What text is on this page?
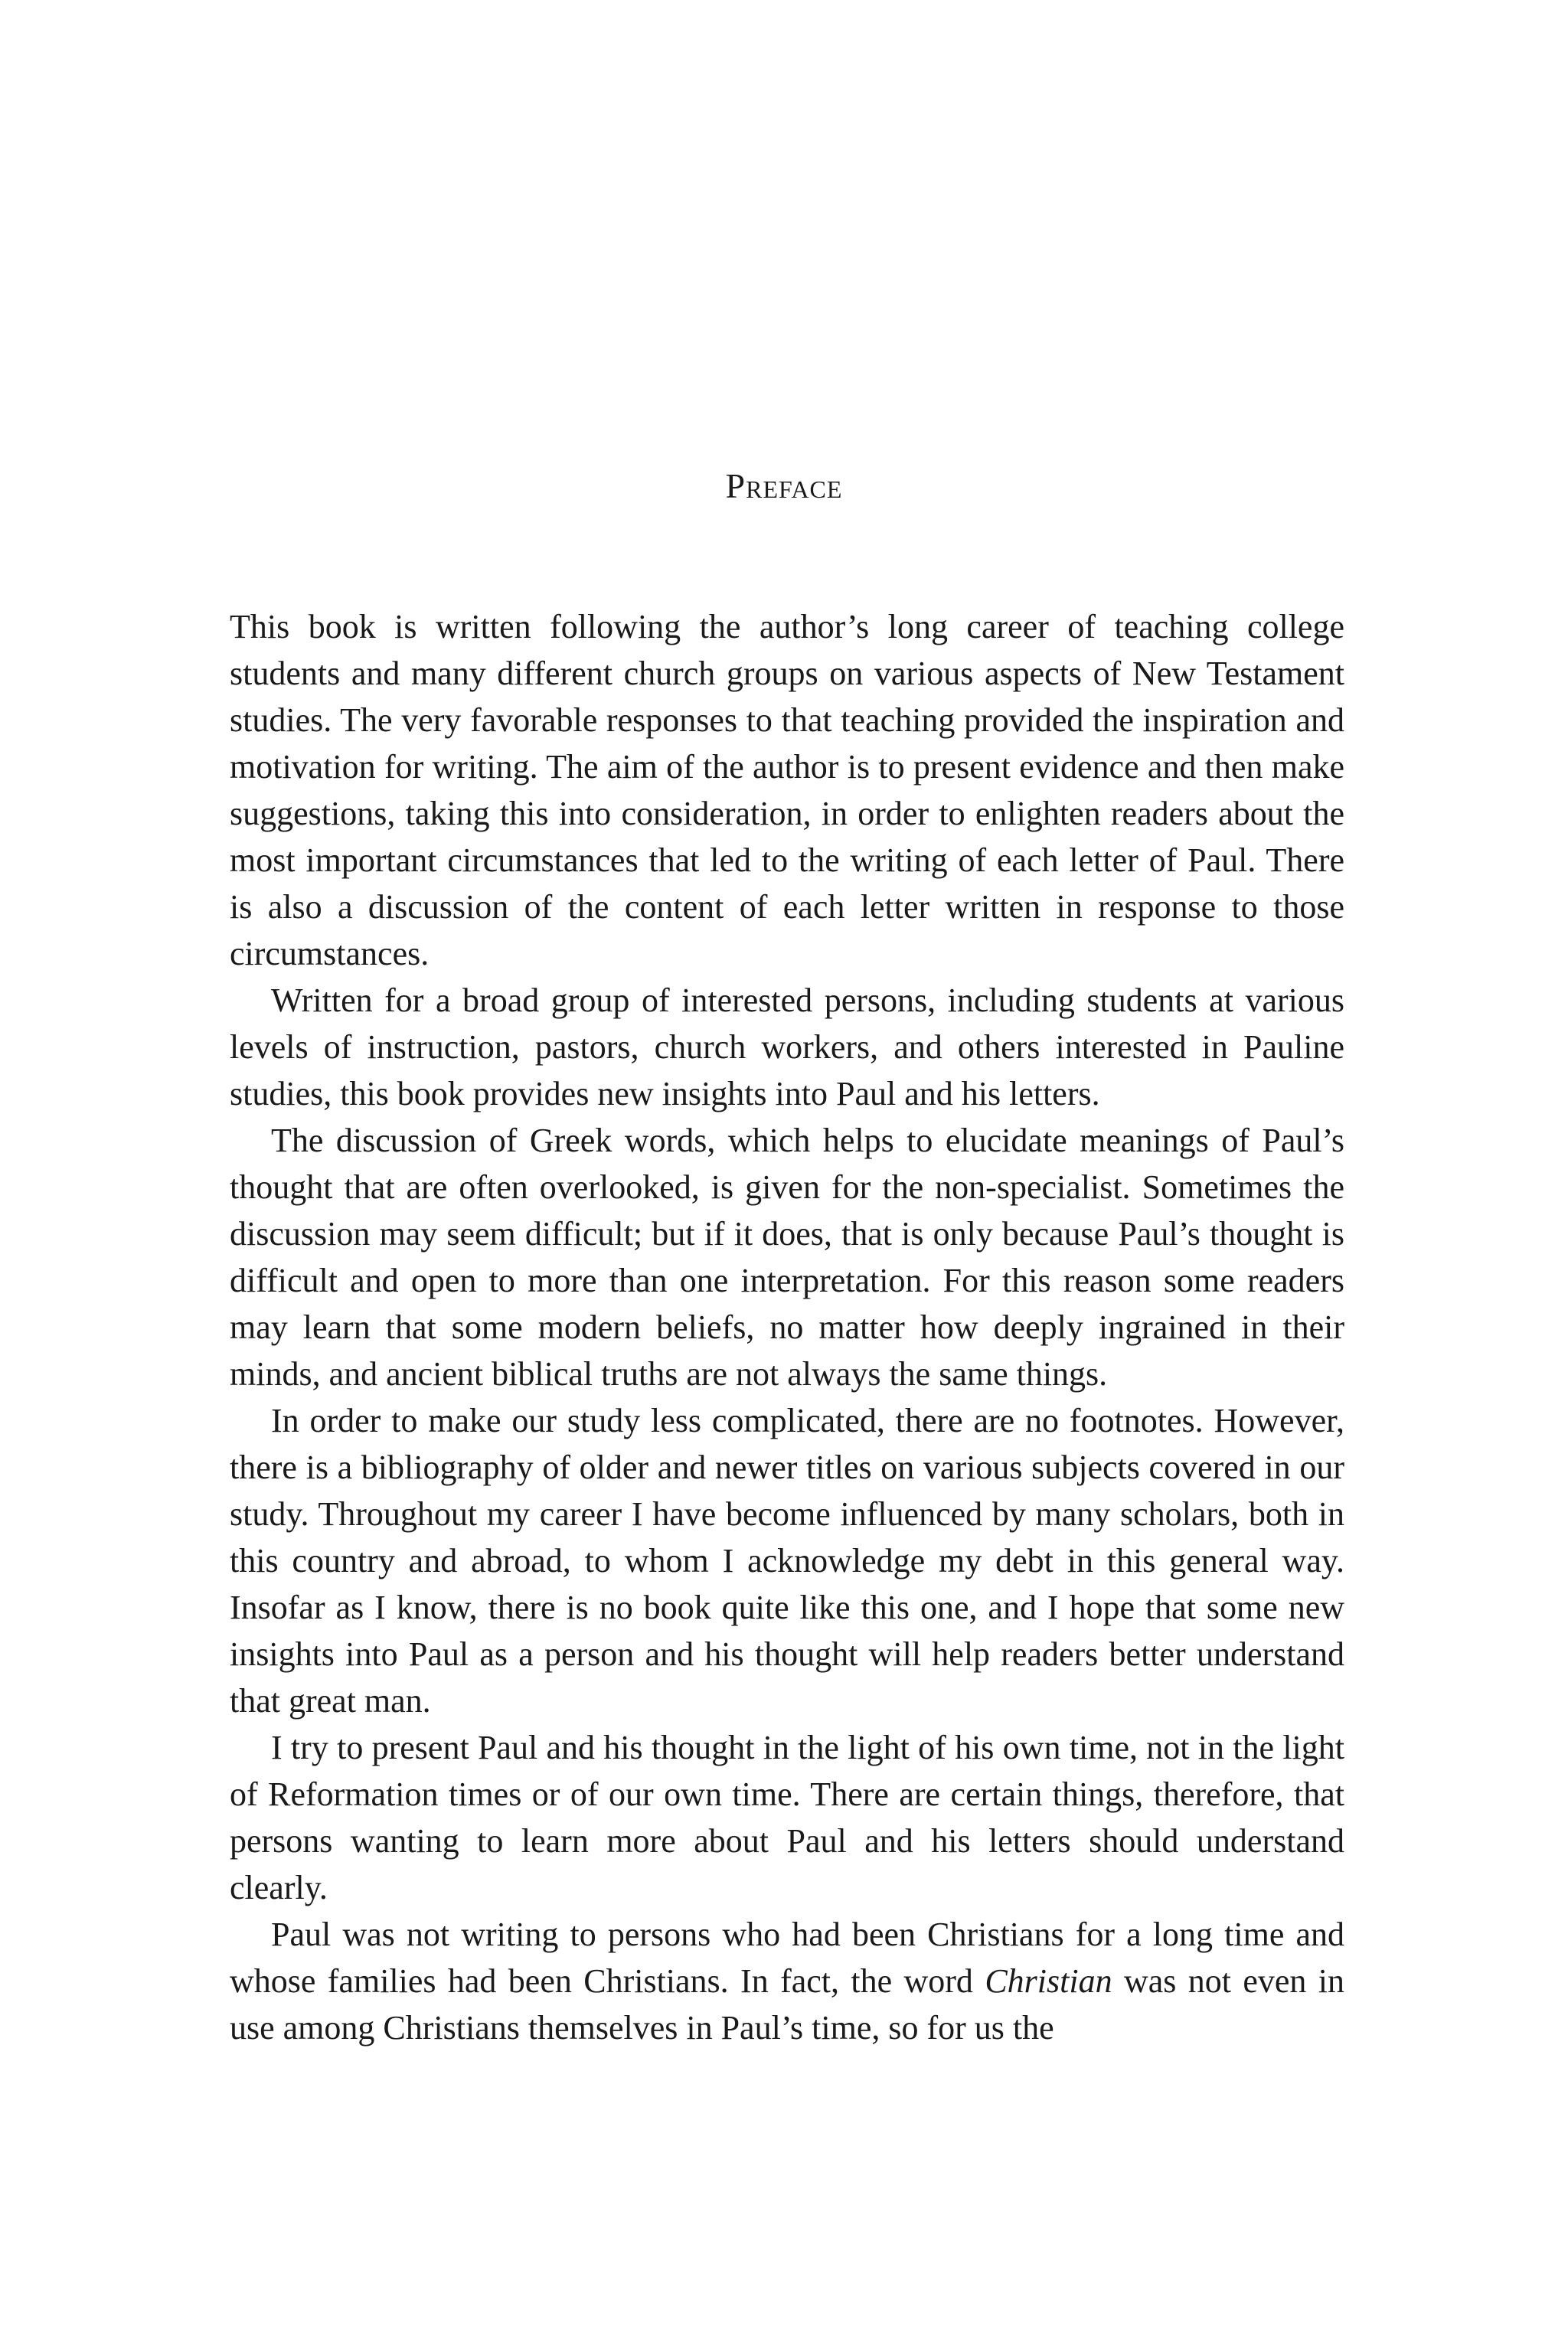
Preface

This book is written following the author’s long career of teaching college students and many different church groups on various aspects of New Testament studies. The very favorable responses to that teaching provided the inspiration and motivation for writing. The aim of the author is to present evidence and then make suggestions, taking this into consideration, in order to enlighten readers about the most important circumstances that led to the writing of each letter of Paul. There is also a discussion of the content of each letter written in response to those circumstances.

Written for a broad group of interested persons, including students at various levels of instruction, pastors, church workers, and others interested in Pauline studies, this book provides new insights into Paul and his letters.

The discussion of Greek words, which helps to elucidate meanings of Paul’s thought that are often overlooked, is given for the non-specialist. Sometimes the discussion may seem difficult; but if it does, that is only because Paul’s thought is difficult and open to more than one interpretation. For this reason some readers may learn that some modern beliefs, no matter how deeply ingrained in their minds, and ancient biblical truths are not always the same things.

In order to make our study less complicated, there are no footnotes. However, there is a bibliography of older and newer titles on various subjects covered in our study. Throughout my career I have become influenced by many scholars, both in this country and abroad, to whom I acknowledge my debt in this general way. Insofar as I know, there is no book quite like this one, and I hope that some new insights into Paul as a person and his thought will help readers better understand that great man.

I try to present Paul and his thought in the light of his own time, not in the light of Reformation times or of our own time. There are certain things, therefore, that persons wanting to learn more about Paul and his letters should understand clearly.

Paul was not writing to persons who had been Christians for a long time and whose families had been Christians. In fact, the word Christian was not even in use among Christians themselves in Paul’s time, so for us the
